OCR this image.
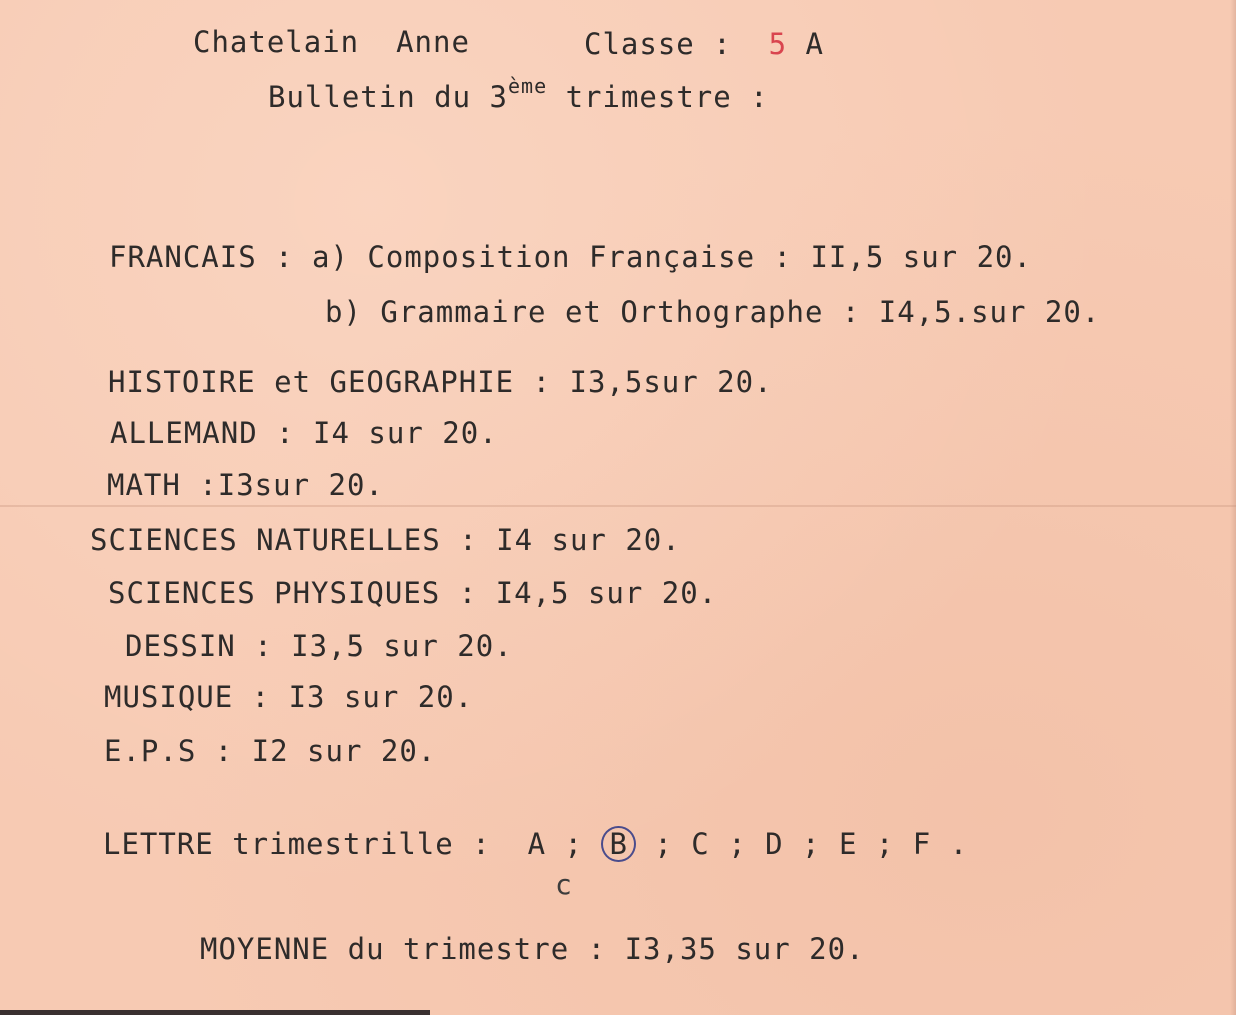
Chatelain Anne	Classe : 5 A
Bulletin du 3ème trimestre :
FRANCAIS : a) Composition Française : II,5 sur 20.
b) Grammaire et Orthographe : I4,5.sur 20.
HISTOIRE et GEOGRAPHIE : I3,5sur 20.
ALLEMAND : I4 sur 20.
MATH :I3sur 20.
SCIENCES NATURELLES : I4 sur 20.
SCIENCES PHYSIQUES : I4,5 sur 20.
DESSIN : I3,5 sur 20.
MUSIQUE : I3 sur 20.
E.P.S : I2 sur 20.
LETTRE trimestrille : A ; B ; C ; D ; E ; F .
c
MOYENNE du trimestre : I3,35 sur 20.
